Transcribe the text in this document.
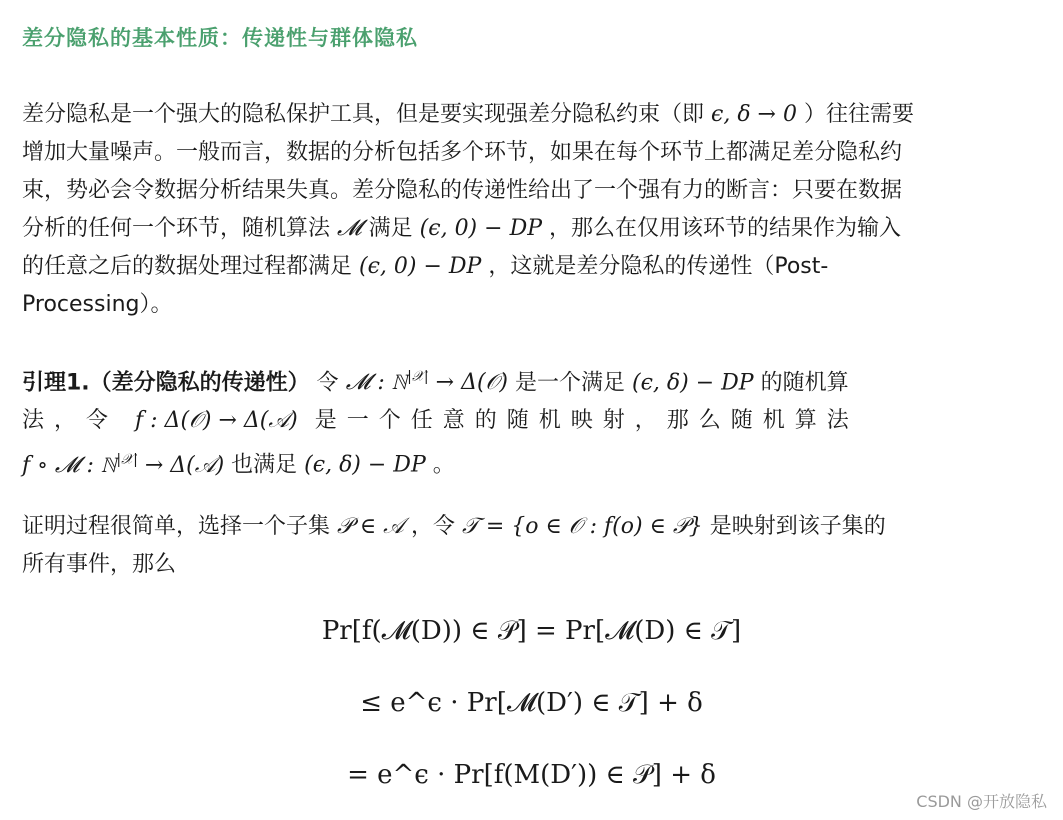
差分隐私的基本性质：传递性与群体隐私
差分隐私是一个强大的隐私保护工具，但是要实现强差分隐私约束（即 ϵ, δ → 0 ）往往需要
增加大量噪声。一般而言，数据的分析包括多个环节，如果在每个环节上都满足差分隐私约
束，势必会令数据分析结果失真。差分隐私的传递性给出了一个强有力的断言：只要在数据
分析的任何一个环节，随机算法 𝓜 满足 (ϵ, 0) − DP ，那么在仅用该环节的结果作为输入
的任意之后的数据处理过程都满足 (ϵ, 0) − DP ，这就是差分隐私的传递性（Post-
Processing）。
引理1.（差分隐私的传递性） 令 𝓜 : ℕ$^{|𝒳|}$ → Δ(𝒪) 是一个满足 (ϵ, δ) − DP 的随机算
法，令 f : Δ(𝒪) → Δ(𝒜) 是一个任意的随机映射，那么随机算法
f ∘ 𝓜 : ℕ$^{|𝒳|}$ → Δ(𝒜) 也满足 (ϵ, δ) − DP 。
证明过程很简单，选择一个子集 𝒫 ∈ 𝒜 ，令 𝒯 = {o ∈ 𝒪 : f(o) ∈ 𝒫} 是映射到该子集的
所有事件，那么
Pr[f(𝓜(D)) ∈ 𝒫] = Pr[𝓜(D) ∈ 𝒯]
≤ e^ϵ · Pr[𝓜(D′) ∈ 𝒯] + δ
= e^ϵ · Pr[f(M(D′)) ∈ 𝒫] + δ
CSDN @开放隐私
